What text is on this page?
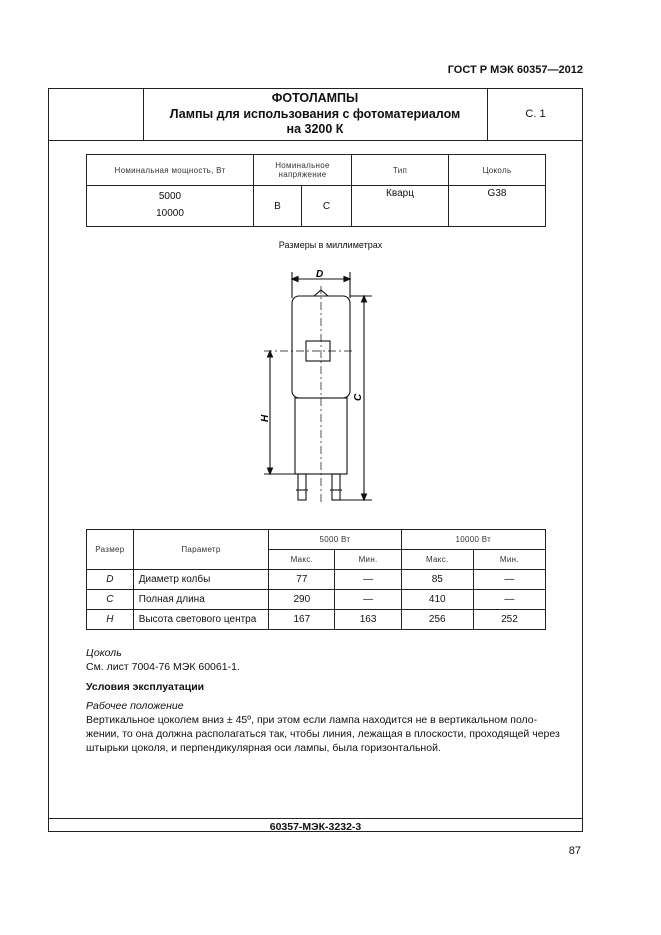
ГОСТ Р МЭК 60357—2012
ФОТОЛАМПЫ
Лампы для использования с фотоматериалом
на 3200 К
С. 1
Номинальная мощность, Вт	Номинальное напряжение		Тип	Цоколь

5000
10000	В	С	Кварц	G38
Размеры в миллиметрах
D
C
H
Размер	Параметр	5000 Вт		10000 Вт	
		Макс.	Мин.	Макс.	Мин.
D	Диаметр колбы	77	—	85	—
C	Полная длина	290	—	410	—
H	Высота светового центра	167	163	256	252
Цоколь
См. лист 7004-76 МЭК 60061-1.
Условия эксплуатации
Рабочее положение
Вертикальное цоколем вниз ± 45º, при этом если лампа находится не в вертикальном поло-
жении, то она должна располагаться так, чтобы линия, лежащая в плоскости, проходящей через
штырьки цоколя, и перпендикулярная оси лампы, была горизонтальной.
60357-МЭК-3232-3
87
